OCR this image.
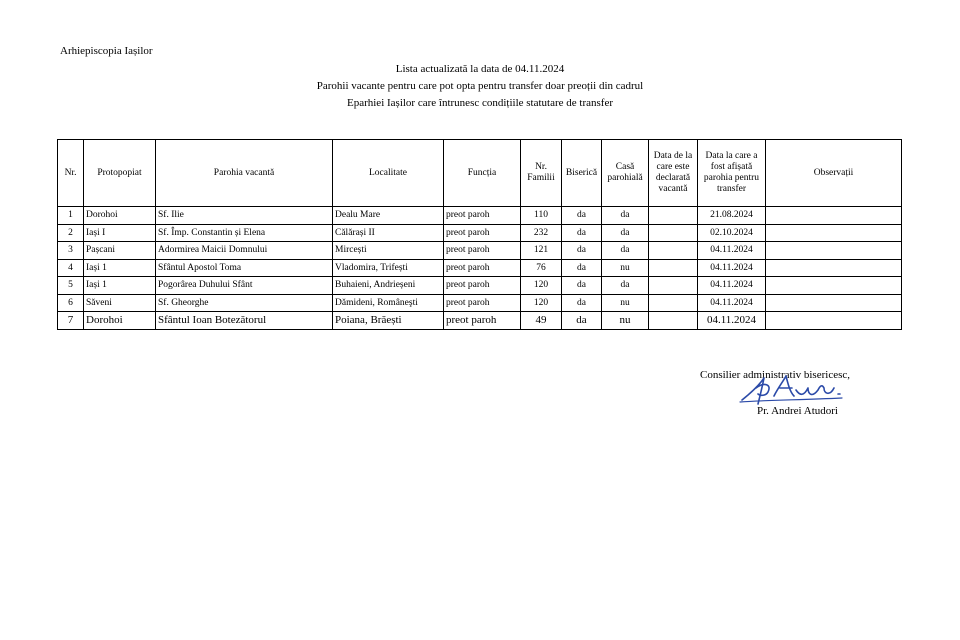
Arhiepiscopia Iașilor
Lista actualizată la data de 04.11.2024
Parohii vacante pentru care pot opta pentru transfer doar preoții din cadrul
Eparhiei Iașilor care întrunesc condițiile statutare de transfer
Nr.	Protopopiat	Parohia vacantă	Localitate	Funcția	Nr. Familii	Biserică	Casă parohială	Data de la care este declarată vacantă	Data la care a fost afișată parohia pentru transfer	Observații
1	Dorohoi	Sf. Ilie	Dealu Mare	preot paroh	110	da	da		21.08.2024	
2	Iași I	Sf. Împ. Constantin și Elena	Călărași II	preot paroh	232	da	da		02.10.2024	
3	Pașcani	Adormirea Maicii Domnului	Mircești	preot paroh	121	da	da		04.11.2024	
4	Iași 1	Sfântul Apostol Toma	Vladomira, Trifești	preot paroh	76	da	nu		04.11.2024	
5	Iași 1	Pogorârea Duhului Sfânt	Buhaieni, Andrieșeni	preot paroh	120	da	da		04.11.2024	
6	Săveni	Sf. Gheorghe	Dămideni, Româneşti	preot paroh	120	da	nu		04.11.2024	
7	Dorohoi	Sfântul Ioan Botezătorul	Poiana, Brăești	preot paroh	49	da	nu		04.11.2024	
Consilier administrativ bisericesc,
Pr. Andrei Atudori
